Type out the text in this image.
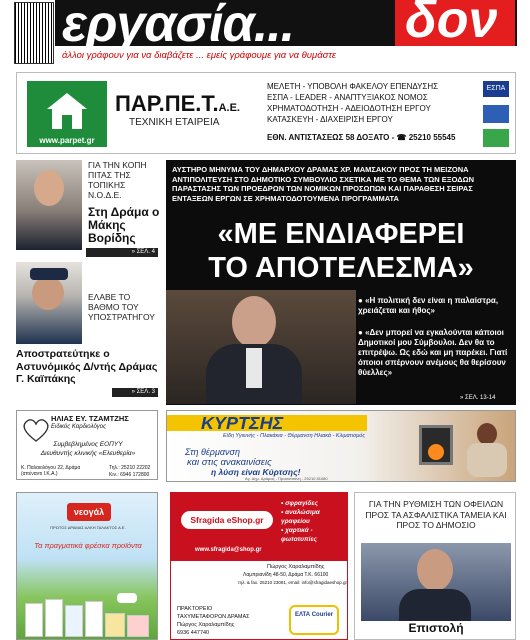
εργασία... δον
άλλοι γράφουν για να διαβάζετε ... εμείς γράφουμε για να θυμάστε
www.parpet.gr
ΠΑΡ.ΠΕ.Τ.Α.Ε.
ΤΕΧΝΙΚΗ ΕΤΑΙΡΕΙΑ
ΜΕΛΕΤΗ - ΥΠΟΒΟΛΗ ΦΑΚΕΛΟΥ ΕΠΕΝΔΥΣΗΣ
ΕΣΠΑ - LEADER - ΑΝΑΠΤΥΞΙΑΚΟΣ ΝΟΜΟΣ
ΧΡΗΜΑΤΟΔΟΤΗΣΗ - ΑΔΕΙΟΔΟΤΗΣΗ ΕΡΓΟΥ
ΚΑΤΑΣΚΕΥΗ - ΔΙΑΧΕΙΡΙΣΗ ΕΡΓΟΥ
ΕΘΝ. ΑΝΤΙΣΤΑΣΕΩΣ 58 ΔΟΞΑΤΟ - ☎ 25210 55545
ΕΣΠΑ
ΓΙΑ ΤΗΝ ΚΟΠΗ ΠΙΤΑΣ ΤΗΣ ΤΟΠΙΚΗΣ Ν.Ο.Δ.Ε.
Στη Δράμα ο Μάκης Βορίδης
» ΣΕΛ. 4
ΕΛΑΒΕ ΤΟ ΒΑΘΜΟ ΤΟΥ ΥΠΟΣΤΡΑΤΗΓΟΥ
Αποστρατεύτηκε ο Αστυνόμικός Δ/ντής Δράμας Γ. Καϊπάκης
» ΣΕΛ. 3
ΑΥΣΤΗΡΟ ΜΗΝΥΜΑ ΤΟΥ ΔΗΜΑΡΧΟΥ ΔΡΑΜΑΣ ΧΡ. ΜΑΜΣΑΚΟΥ ΠΡΟΣ ΤΗ ΜΕΙΖΟΝΑ ΑΝΤΙΠΟΛΙΤΕΥΣΗ ΣΤΟ ΔΗΜΟΤΙΚΟ ΣΥΜΒΟΥΛΙΟ ΣΧΕΤΙΚΑ ΜΕ ΤΟ ΘΕΜΑ ΤΩΝ ΕΞΟΔΩΝ ΠΑΡΑΣΤΑΣΗΣ ΤΩΝ ΠΡΟΕΔΡΩΝ ΤΩΝ ΝΟΜΙΚΩΝ ΠΡΟΣΩΠΩΝ ΚΑΙ ΠΑΡΑΘΕΣΗ ΣΕΙΡΑΣ ΕΝΤΑΞΕΩΝ ΕΡΓΩΝ ΣΕ ΧΡΗΜΑΤΟΔΟΤΟΥΜΕΝΑ ΠΡΟΓΡΑΜΜΑΤΑ
«ΜΕ ΕΝΔΙΑΦΕΡΕΙ
ΤΟ ΑΠΟΤΕΛΕΣΜΑ»
● «Η πολιτική δεν είναι η παλαίστρα, χρειάζεται και ήθος»
● «Δεν μπορεί να εγκαλούνται κάποιοι Δημοτικοί μου Σύμβουλοι. Δεν θα το επιτρέψω. Ως εδώ και μη παρέκει. Γιατί όποιοι σπέρνουν ανέμους θα θερίσουν θύελλες»
» ΣΕΛ. 13-14
ΗΛΙΑΣ ΕΥ. ΤΖΑΜΤΖΗΣ
Ειδικός Καρδιολόγος
Συμβεβλημένος ΕΟΠΥΥ
Διευθυντής κλινικής «Ελευθερία»
Κ. Παλαιολόγου 22, Δράμα (απέναντι Ι.Κ.Α.)
Τηλ.: 25210 22202
Κιν.: 6946 172800
ΚΥΡΤΣΗΣ
Είδη Υγιεινής - Πλακάκια - Θέρμανση Ηλιακά - Κλιματισμός
Στη θέρμανση
και στις ανακαινίσεις
η λύση είναι Κύρτσης!
Αγ. Δημ. Δράμας - Προσοτσάνη - 25210 81080
νεογάλ
ΠΡΩΤΟΣ ΔΡΑΜΑΣ ΑΛΚΗ ΓΑΛΑΚΤΟΣ Α.Ε.
Τα πραγματικά φρέσκα προϊόντα
Sfragida eShop.gr
• σφραγίδες
• αναλώσιμα γραφείου
• χαρτικά - φωτοτυπίες
www.sfragida@shop.gr
Πώργος Χαραλαμπίδης
Λαμπριανίδη 48-50, Δράμα Τ.Κ. 66100
τηλ. & fax. 25210 23091, email: info@sfragidaeshop.gr
ΠΡΑΚΤΟΡΕΙΟ
ΤΑΧΥΜΕΤΑΦΟΡΩΝ ΔΡΑΜΑΣ
Πώργος Χαραλαμπίδης
6936 447740
ΕΛΤΑ Courier
ΓΙΑ ΤΗΝ ΡΥΘΜΙΣΗ ΤΩΝ ΟΦΕΙΛΩΝ ΠΡΟΣ ΤΑ ΑΣΦΑΛΙΣΤΙΚΑ ΤΑΜΕΙΑ ΚΑΙ ΠΡΟΣ ΤΟ ΔΗΜΟΣΙΟ
Επιστολή
